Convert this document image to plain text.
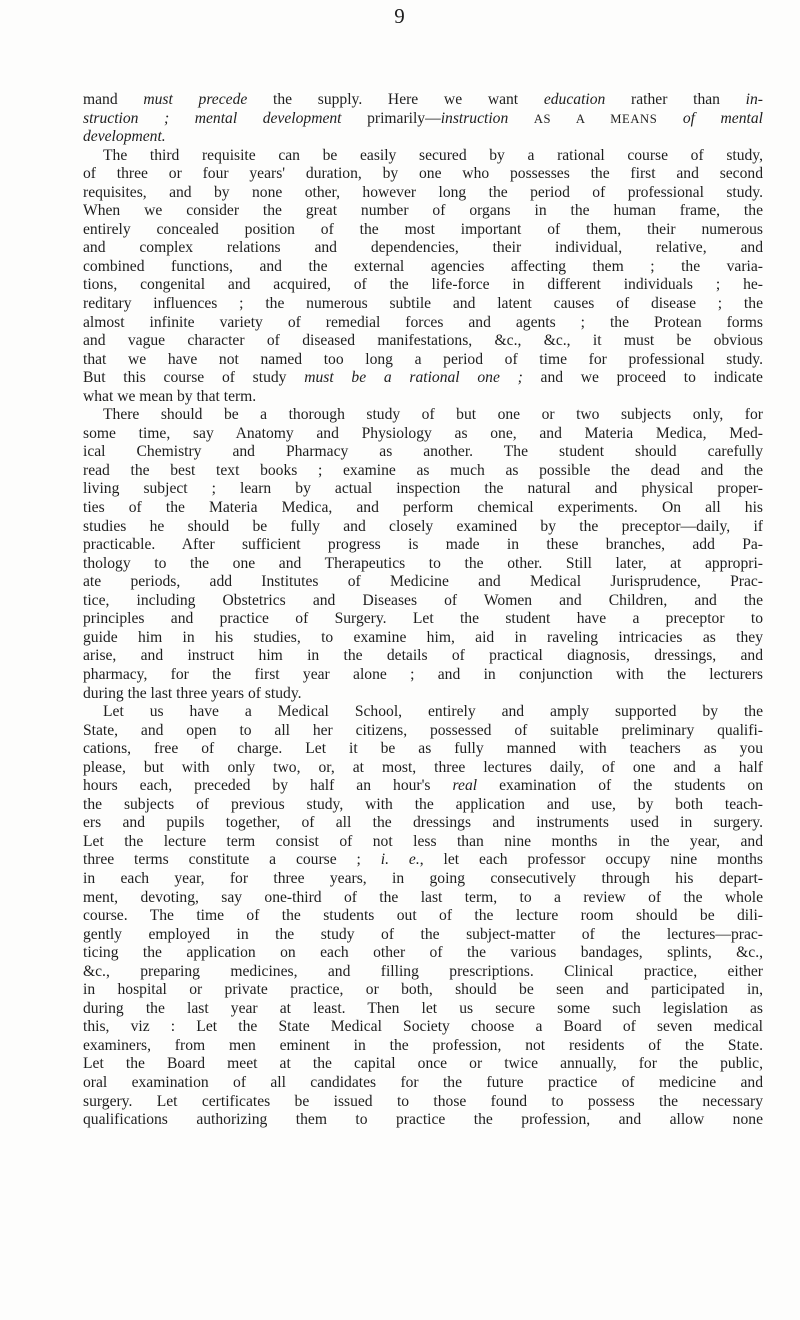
9
mand must precede the supply. Here we want education rather than in-
struction ; mental development primarily—instruction AS A MEANS of mental
development.
The third requisite can be easily secured by a rational course of study,
of three or four years' duration, by one who possesses the first and second
requisites, and by none other, however long the period of professional study.
When we consider the great number of organs in the human frame, the
entirely concealed position of the most important of them, their numerous
and complex relations and dependencies, their individual, relative, and
combined functions, and the external agencies affecting them ; the varia-
tions, congenital and acquired, of the life-force in different individuals ; he-
reditary influences ; the numerous subtile and latent causes of disease ; the
almost infinite variety of remedial forces and agents ; the Protean forms
and vague character of diseased manifestations, &c., &c., it must be obvious
that we have not named too long a period of time for professional study.
But this course of study must be a rational one ; and we proceed to indicate
what we mean by that term.
There should be a thorough study of but one or two subjects only, for
some time, say Anatomy and Physiology as one, and Materia Medica, Med-
ical Chemistry and Pharmacy as another. The student should carefully
read the best text books ; examine as much as possible the dead and the
living subject ; learn by actual inspection the natural and physical proper-
ties of the Materia Medica, and perform chemical experiments. On all his
studies he should be fully and closely examined by the preceptor—daily, if
practicable. After sufficient progress is made in these branches, add Pa-
thology to the one and Therapeutics to the other. Still later, at appropri-
ate periods, add Institutes of Medicine and Medical Jurisprudence, Prac-
tice, including Obstetrics and Diseases of Women and Children, and the
principles and practice of Surgery. Let the student have a preceptor to
guide him in his studies, to examine him, aid in raveling intricacies as they
arise, and instruct him in the details of practical diagnosis, dressings, and
pharmacy, for the first year alone ; and in conjunction with the lecturers
during the last three years of study.
Let us have a Medical School, entirely and amply supported by the
State, and open to all her citizens, possessed of suitable preliminary qualifi-
cations, free of charge. Let it be as fully manned with teachers as you
please, but with only two, or, at most, three lectures daily, of one and a half
hours each, preceded by half an hour's real examination of the students on
the subjects of previous study, with the application and use, by both teach-
ers and pupils together, of all the dressings and instruments used in surgery.
Let the lecture term consist of not less than nine months in the year, and
three terms constitute a course ; i. e., let each professor occupy nine months
in each year, for three years, in going consecutively through his depart-
ment, devoting, say one-third of the last term, to a review of the whole
course. The time of the students out of the lecture room should be dili-
gently employed in the study of the subject-matter of the lectures—prac-
ticing the application on each other of the various bandages, splints, &c.,
&c., preparing medicines, and filling prescriptions. Clinical practice, either
in hospital or private practice, or both, should be seen and participated in,
during the last year at least. Then let us secure some such legislation as
this, viz : Let the State Medical Society choose a Board of seven medical
examiners, from men eminent in the profession, not residents of the State.
Let the Board meet at the capital once or twice annually, for the public,
oral examination of all candidates for the future practice of medicine and
surgery. Let certificates be issued to those found to possess the necessary
qualifications authorizing them to practice the profession, and allow none
